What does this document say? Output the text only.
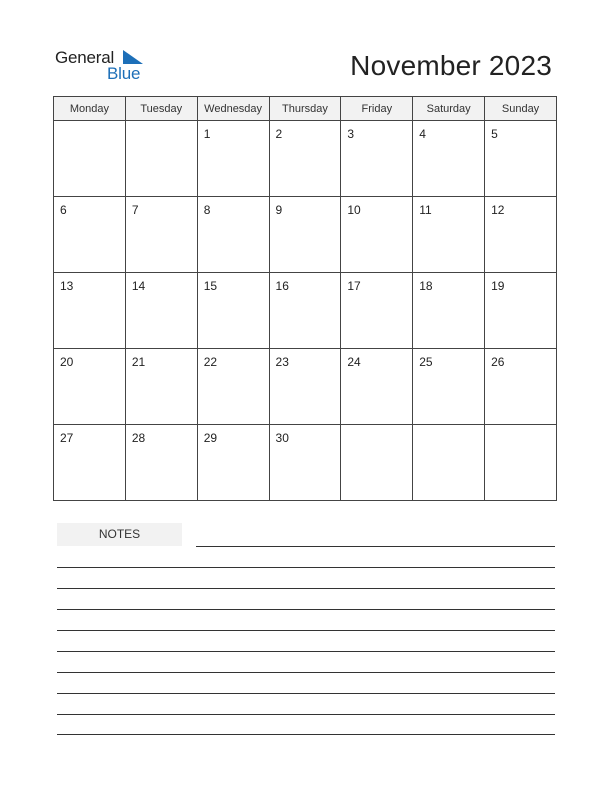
General
Blue	November 2023
Monday	Tuesday	Wednesday	Thursday	Friday	Saturday	Sunday

		1	2	3	4	5

6	7	8	9	10	11	12

13	14	15	16	17	18	19

20	21	22	23	24	25	26

27	28	29	30			

NOTES
